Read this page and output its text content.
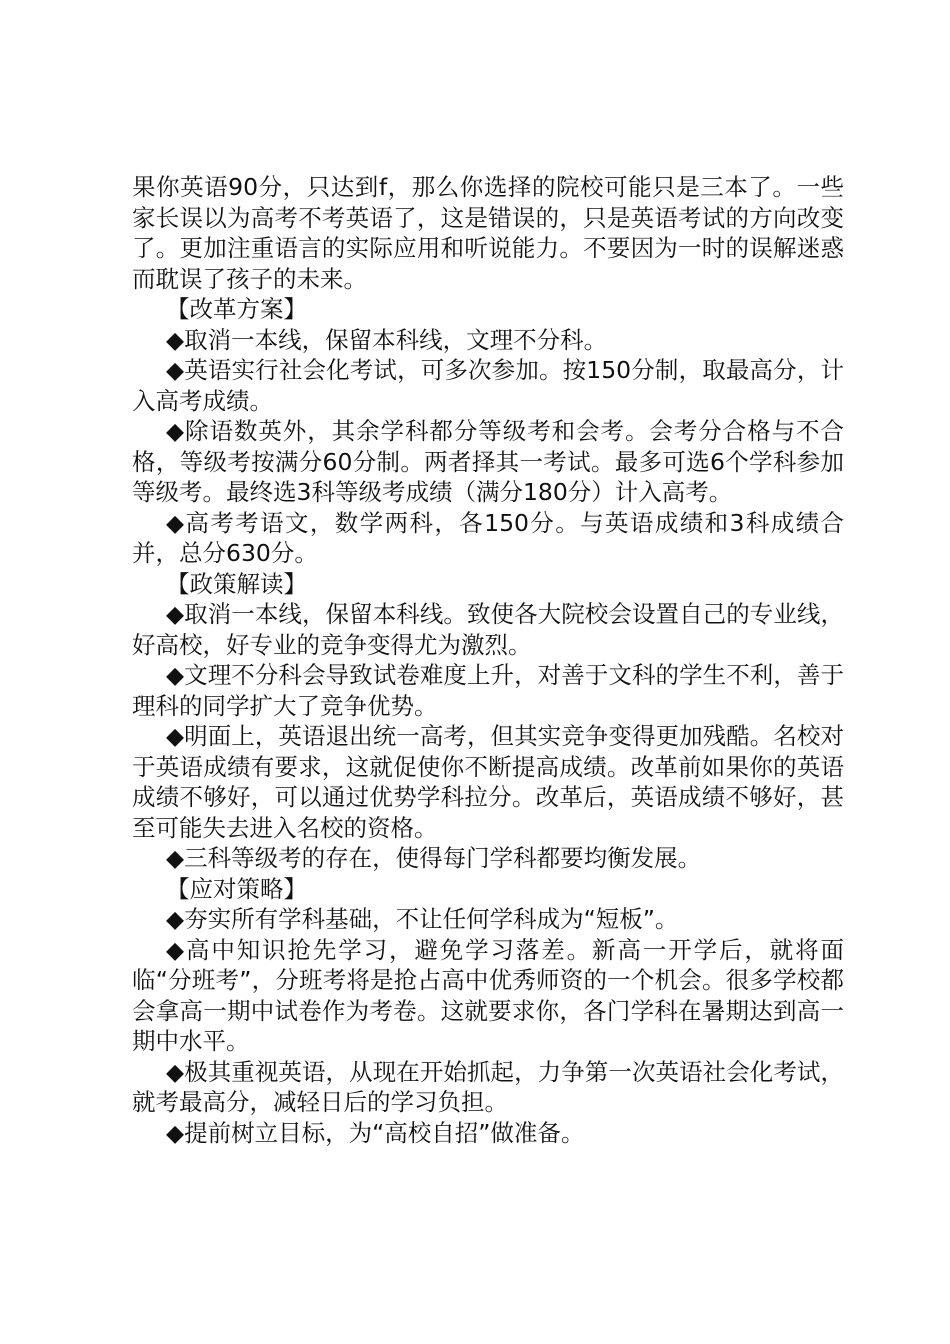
果你英语90分，只达到f，那么你选择的院校可能只是三本了。一些家长误以为高考不考英语了，这是错误的，只是英语考试的方向改变了。更加注重语言的实际应用和听说能力。不要因为一时的误解迷惑而耽误了孩子的未来。

【改革方案】

◆取消一本线，保留本科线，文理不分科。

◆英语实行社会化考试，可多次参加。按150分制，取最高分，计入高考成绩。

◆除语数英外，其余学科都分等级考和会考。会考分合格与不合格，等级考按满分60分制。两者择其一考试。最多可选6个学科参加等级考。最终选3科等级考成绩（满分180分）计入高考。

◆高考考语文，数学两科，各150分。与英语成绩和3科成绩合并，总分630分。

【政策解读】

◆取消一本线，保留本科线。致使各大院校会设置自己的专业线，好高校，好专业的竞争变得尤为激烈。

◆文理不分科会导致试卷难度上升，对善于文科的学生不利，善于理科的同学扩大了竞争优势。

◆明面上，英语退出统一高考，但其实竞争变得更加残酷。名校对于英语成绩有要求，这就促使你不断提高成绩。改革前如果你的英语成绩不够好，可以通过优势学科拉分。改革后，英语成绩不够好，甚至可能失去进入名校的资格。

◆三科等级考的存在，使得每门学科都要均衡发展。

【应对策略】

◆夯实所有学科基础，不让任何学科成为“短板”。

◆高中知识抢先学习，避免学习落差。新高一开学后，就将面临“分班考”，分班考将是抢占高中优秀师资的一个机会。很多学校都会拿高一期中试卷作为考卷。这就要求你，各门学科在暑期达到高一期中水平。

◆极其重视英语，从现在开始抓起，力争第一次英语社会化考试，就考最高分，减轻日后的学习负担。

◆提前树立目标，为“高校自招”做准备。
